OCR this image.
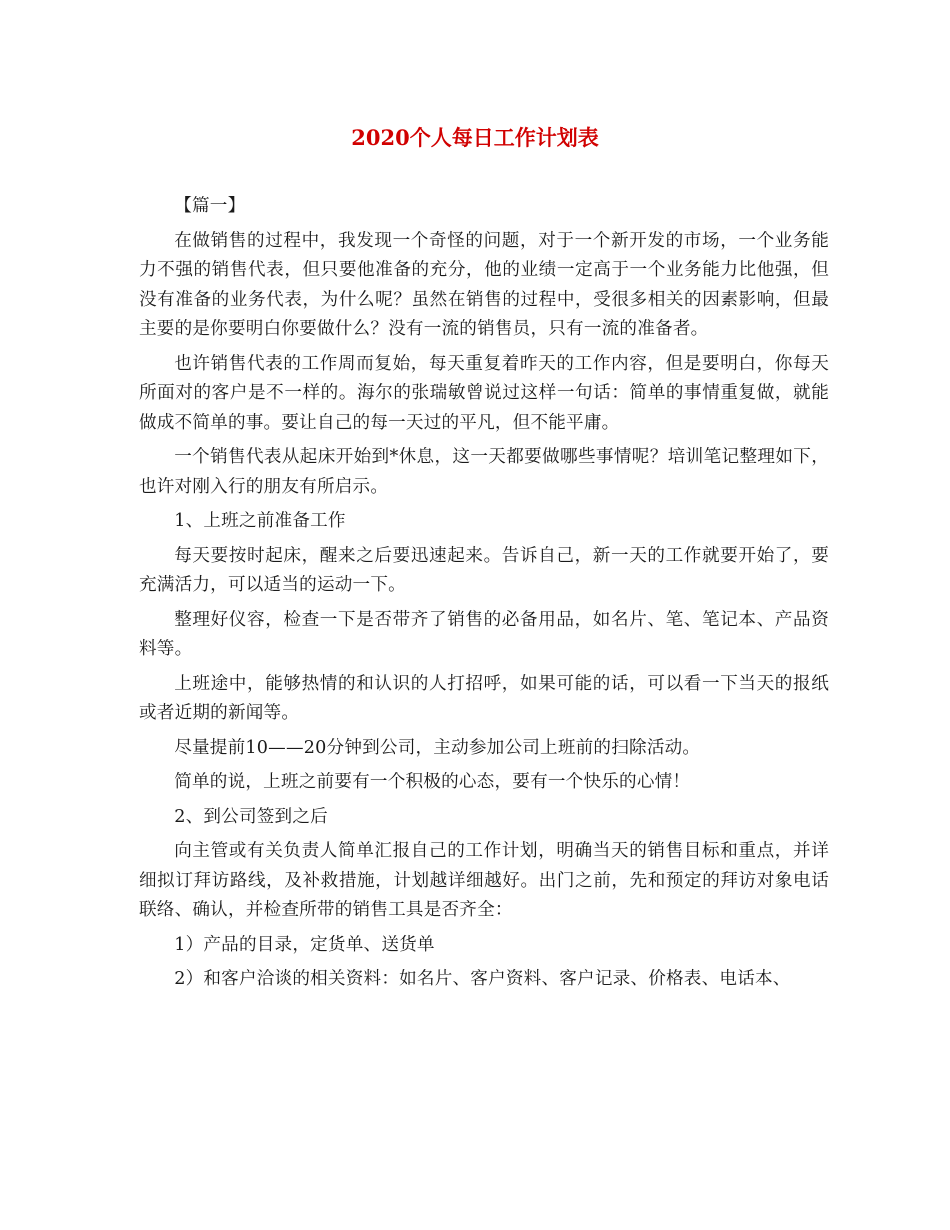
2020个人每日工作计划表

【篇一】

在做销售的过程中，我发现一个奇怪的问题，对于一个新开发的市场，一个业务能力不强的销售代表，但只要他准备的充分，他的业绩一定高于一个业务能力比他强，但没有准备的业务代表，为什么呢？虽然在销售的过程中，受很多相关的因素影响，但最主要的是你要明白你要做什么？没有一流的销售员，只有一流的准备者。

也许销售代表的工作周而复始，每天重复着昨天的工作内容，但是要明白，你每天所面对的客户是不一样的。海尔的张瑞敏曾说过这样一句话：简单的事情重复做，就能做成不简单的事。要让自己的每一天过的平凡，但不能平庸。

一个销售代表从起床开始到*休息，这一天都要做哪些事情呢？培训笔记整理如下，也许对刚入行的朋友有所启示。

1、上班之前准备工作

每天要按时起床，醒来之后要迅速起来。告诉自己，新一天的工作就要开始了，要充满活力，可以适当的运动一下。

整理好仪容，检查一下是否带齐了销售的必备用品，如名片、笔、笔记本、产品资料等。

上班途中，能够热情的和认识的人打招呼，如果可能的话，可以看一下当天的报纸或者近期的新闻等。

尽量提前10——20分钟到公司，主动参加公司上班前的扫除活动。

简单的说，上班之前要有一个积极的心态，要有一个快乐的心情！

2、到公司签到之后

向主管或有关负责人简单汇报自己的工作计划，明确当天的销售目标和重点，并详细拟订拜访路线，及补救措施，计划越详细越好。出门之前，先和预定的拜访对象电话联络、确认，并检查所带的销售工具是否齐全：

1）产品的目录，定货单、送货单

2）和客户洽谈的相关资料：如名片、客户资料、客户记录、价格表、电话本、
